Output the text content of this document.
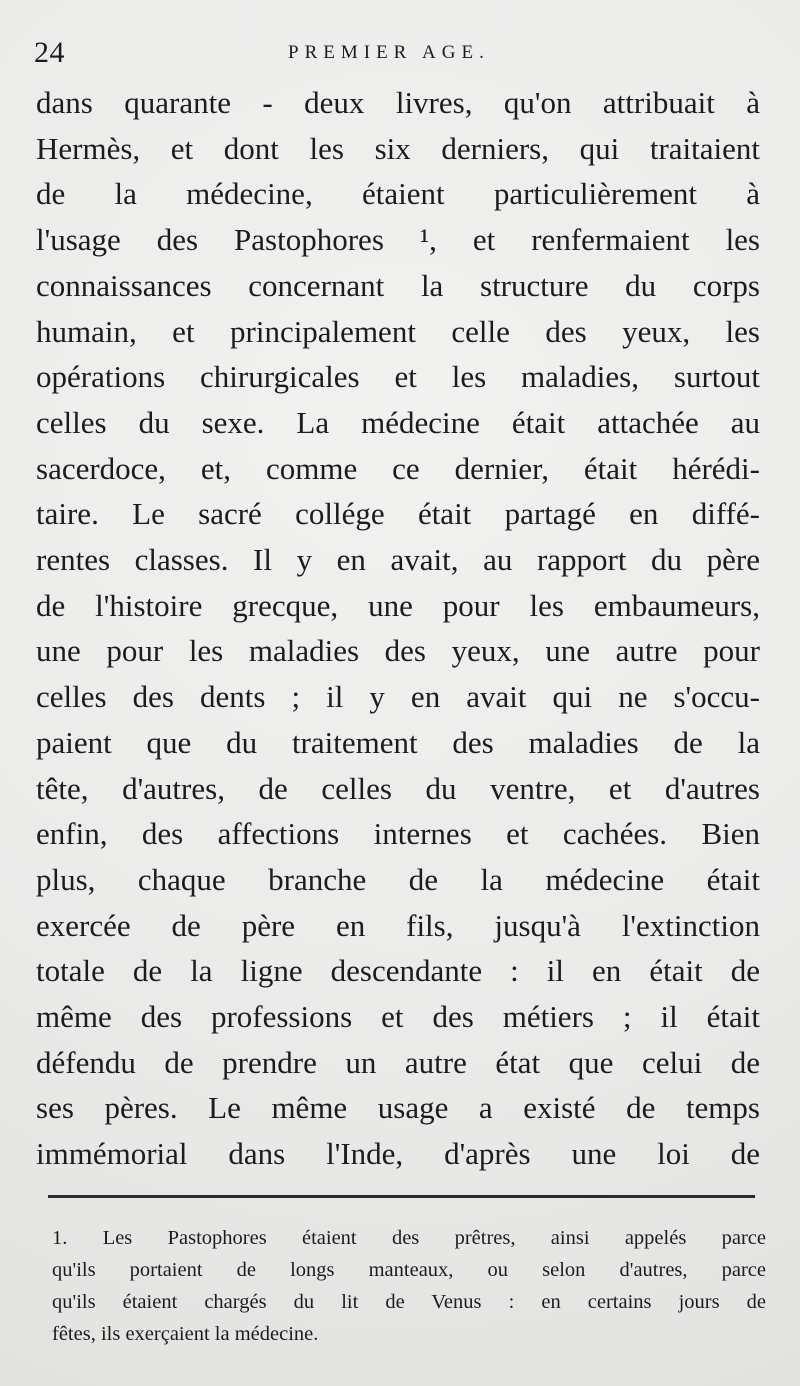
24	PREMIER AGE.

dans quarante - deux livres, qu'on attribuait à
Hermès, et dont les six derniers, qui traitaient
de la médecine, étaient particulièrement à
l'usage des Pastophores ¹, et renfermaient les
connaissances concernant la structure du corps
humain, et principalement celle des yeux, les
opérations chirurgicales et les maladies, surtout
celles du sexe. La médecine était attachée au
sacerdoce, et, comme ce dernier, était hérédi-
taire. Le sacré collége était partagé en diffé-
rentes classes. Il y en avait, au rapport du père
de l'histoire grecque, une pour les embaumeurs,
une pour les maladies des yeux, une autre pour
celles des dents ; il y en avait qui ne s'occu-
paient que du traitement des maladies de la
tête, d'autres, de celles du ventre, et d'autres
enfin, des affections internes et cachées. Bien
plus, chaque branche de la médecine était
exercée de père en fils, jusqu'à l'extinction
totale de la ligne descendante : il en était de
même des professions et des métiers ; il était
défendu de prendre un autre état que celui de
ses pères. Le même usage a existé de temps
immémorial dans l'Inde, d'après une loi de

1. Les Pastophores étaient des prêtres, ainsi appelés parce
qu'ils portaient de longs manteaux, ou selon d'autres, parce
qu'ils étaient chargés du lit de Venus : en certains jours de
fêtes, ils exerçaient la médecine.
